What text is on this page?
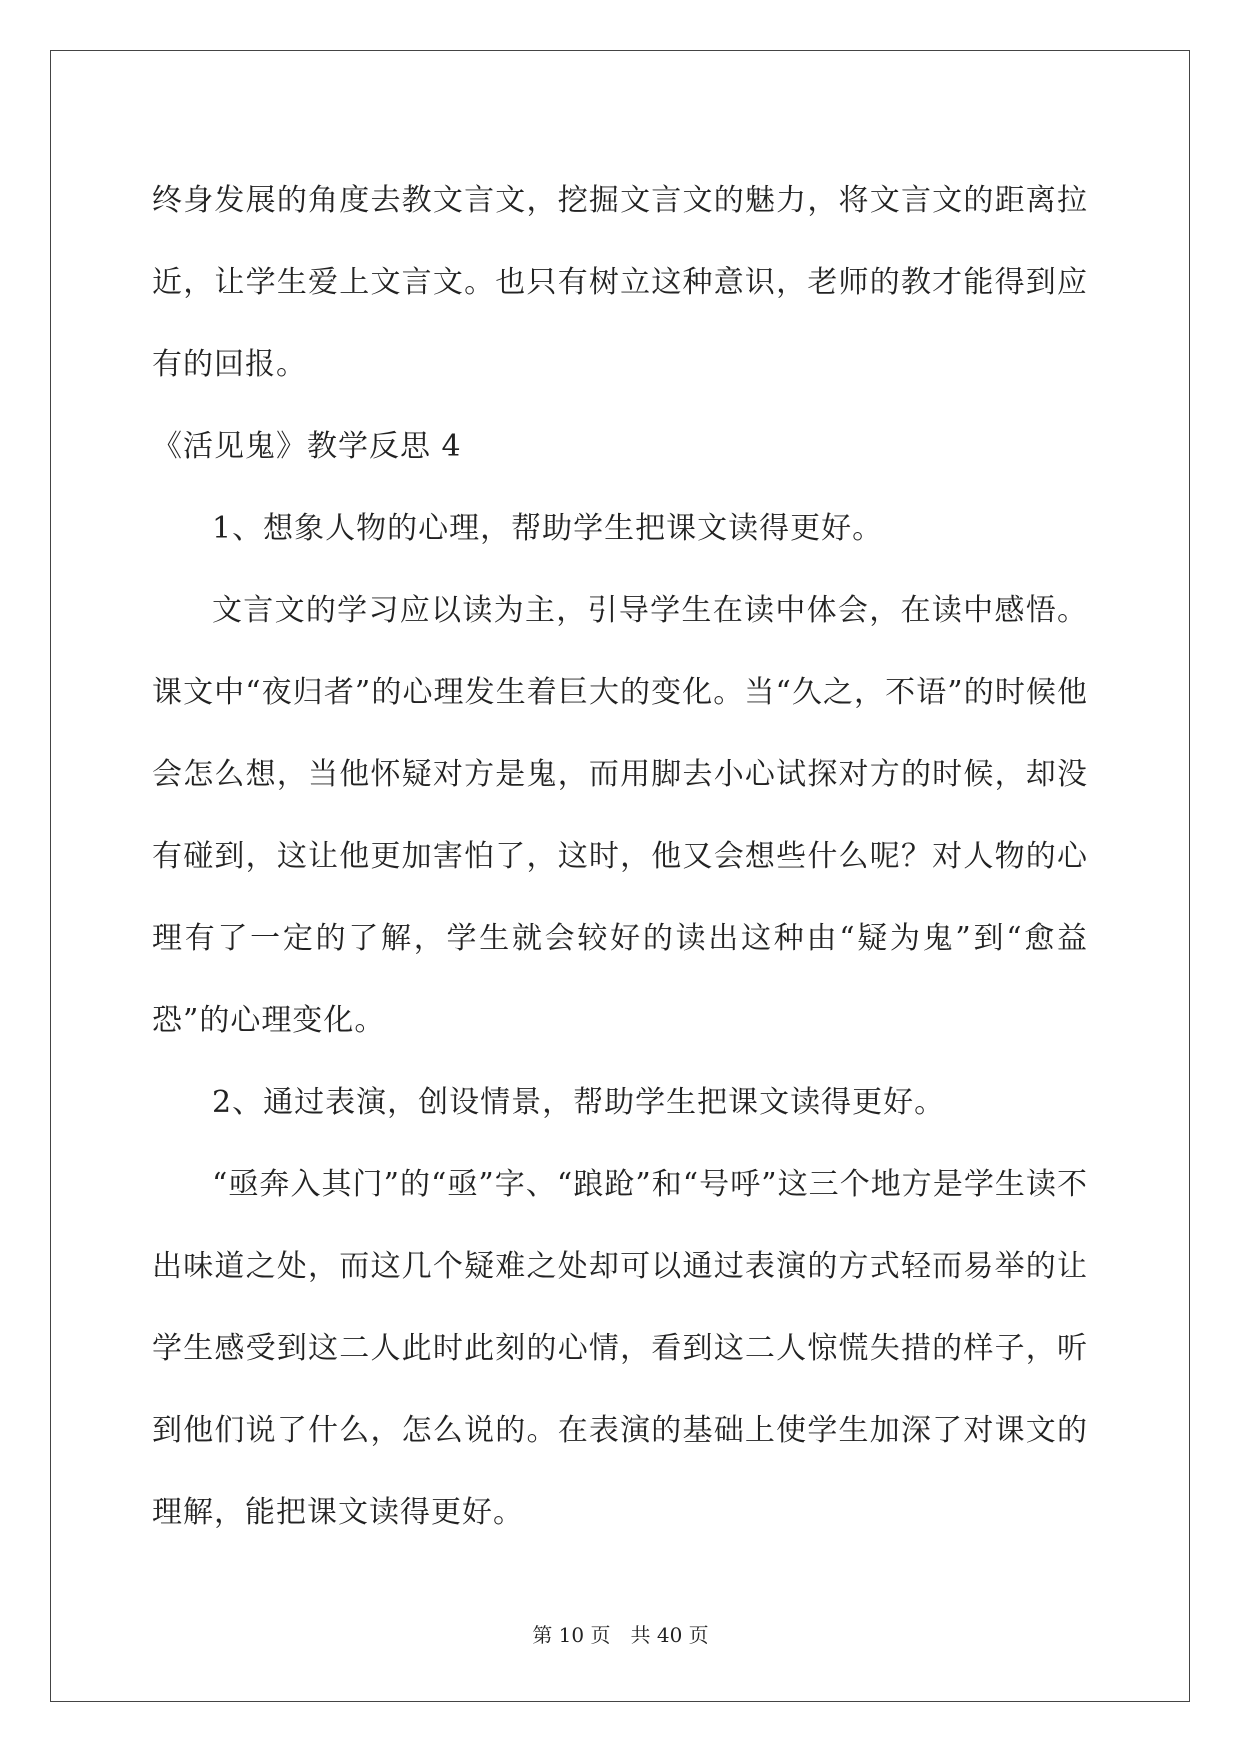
终身发展的角度去教文言文，挖掘文言文的魅力，将文言文的距离拉近，让学生爱上文言文。也只有树立这种意识，老师的教才能得到应有的回报。

《活见鬼》教学反思 4

1、想象人物的心理，帮助学生把课文读得更好。

文言文的学习应以读为主，引导学生在读中体会，在读中感悟。课文中“夜归者”的心理发生着巨大的变化。当“久之，不语”的时候他会怎么想，当他怀疑对方是鬼，而用脚去小心试探对方的时候，却没有碰到，这让他更加害怕了，这时，他又会想些什么呢？对人物的心理有了一定的了解，学生就会较好的读出这种由“疑为鬼”到“愈益恐”的心理变化。

2、通过表演，创设情景，帮助学生把课文读得更好。

“亟奔入其门”的“亟”字、“踉跄”和“号呼”这三个地方是学生读不出味道之处，而这几个疑难之处却可以通过表演的方式轻而易举的让学生感受到这二人此时此刻的心情，看到这二人惊慌失措的样子，听到他们说了什么，怎么说的。在表演的基础上使学生加深了对课文的理解，能把课文读得更好。

第 10 页　共 40 页
